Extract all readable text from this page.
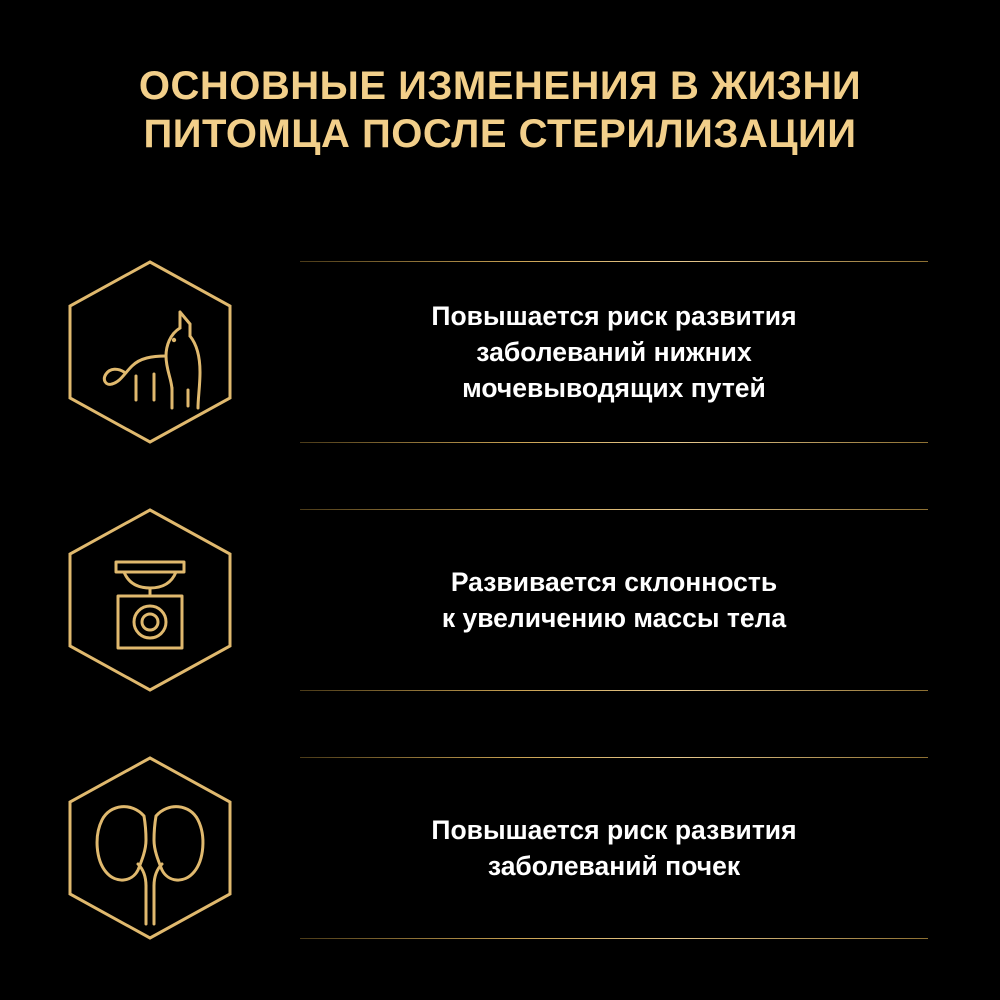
ОСНОВНЫЕ ИЗМЕНЕНИЯ В ЖИЗНИ
ПИТОМЦА ПОСЛЕ СТЕРИЛИЗАЦИИ
Повышается риск развития
заболеваний нижних
мочевыводящих путей
Развивается склонность
к увеличению массы тела
Повышается риск развития
заболеваний почек
